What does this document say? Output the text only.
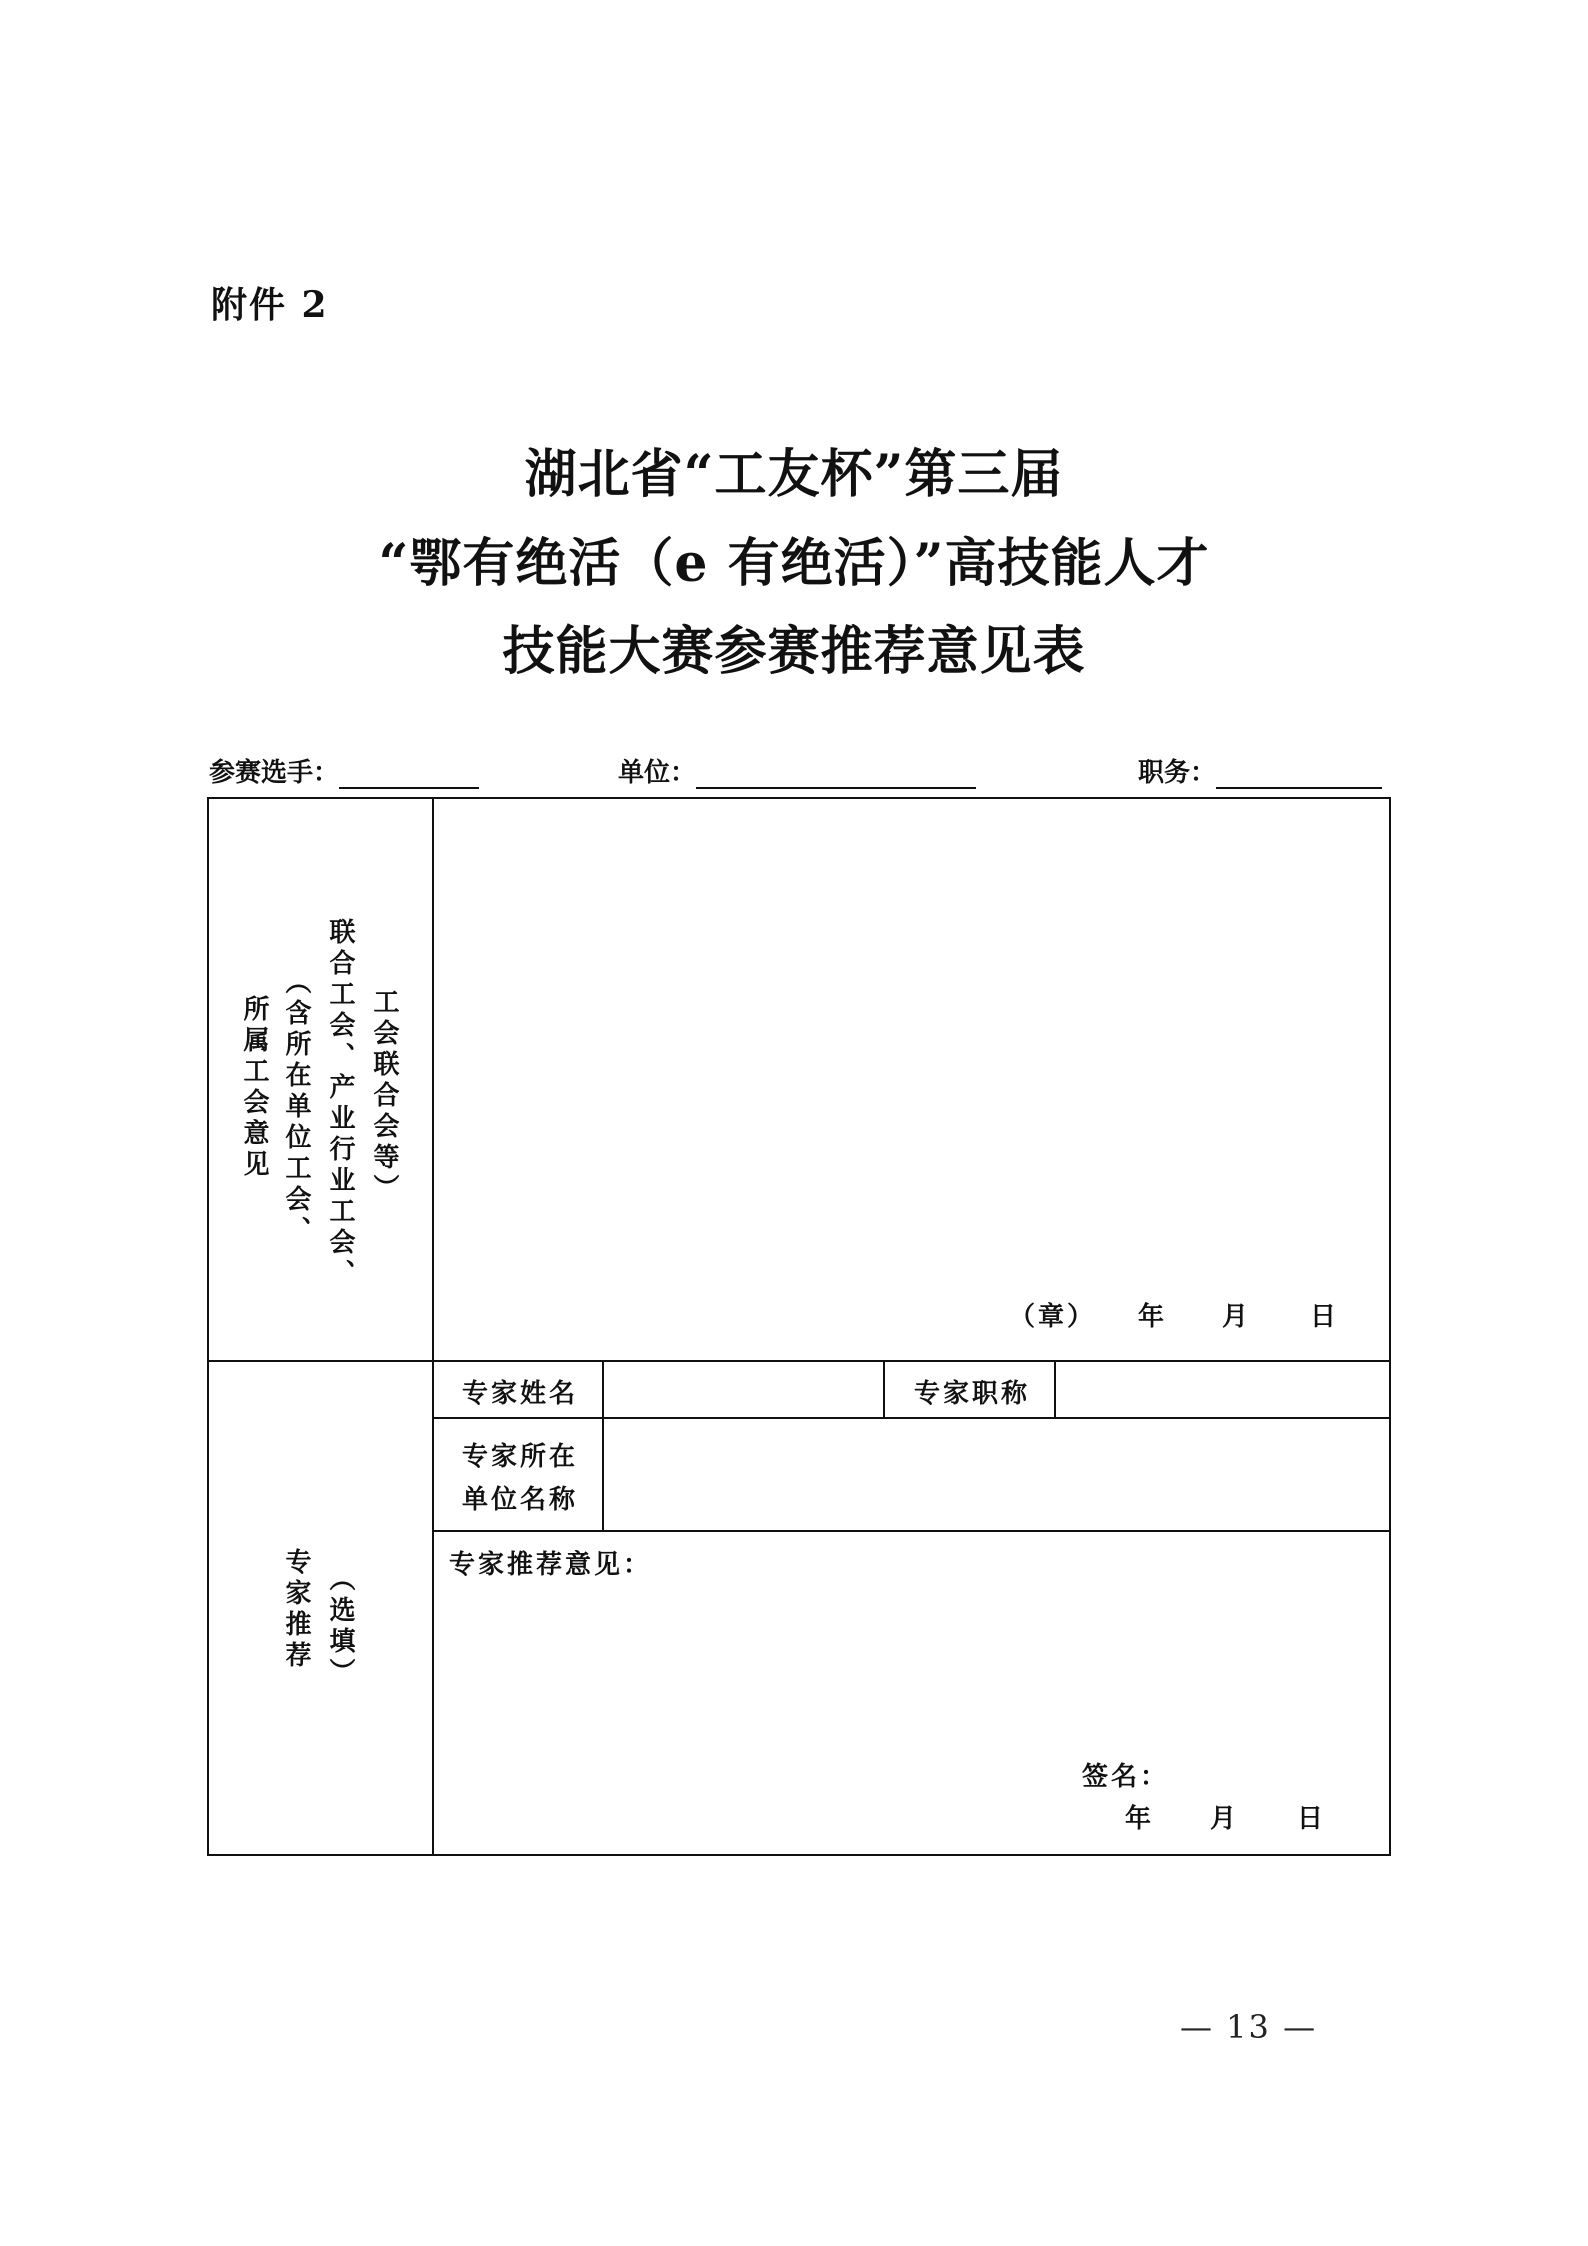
附件 2
湖北省“工友杯”第三届
“鄂有绝活（e 有绝活）”高技能人才
技能大赛参赛推荐意见表
参赛选手：	单位：	职务：
所属工会意见 （含所在单位工会、 联合工会、产业行业工会、 工会联合会等）
（章） 年 月 日
专家推荐 （选填）
专家姓名	专家职称
专家所在
单位名称
专家推荐意见：
签名：
年 月 日
— 13 —
